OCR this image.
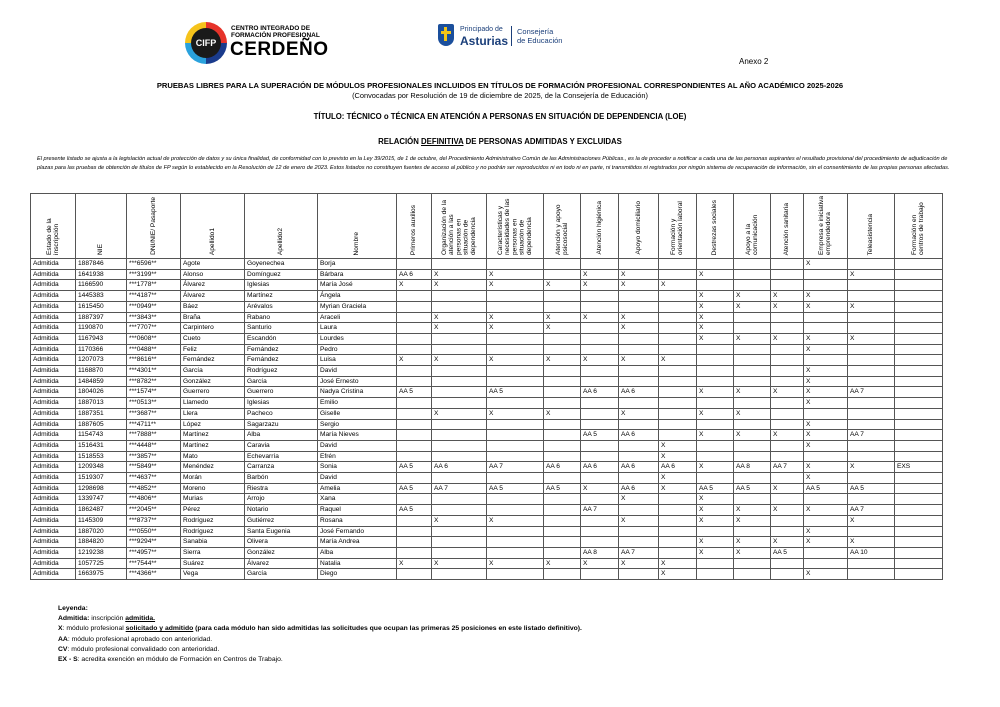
CIFP
CENTRO INTEGRADO DE
FORMACIÓN PROFESIONAL
CERDEÑO
Principado de
Asturias
Consejería
de Educación
Anexo 2
PRUEBAS LIBRES PARA LA SUPERACIÓN DE MÓDULOS PROFESIONALES INCLUIDOS EN TÍTULOS DE FORMACIÓN PROFESIONAL CORRESPONDIENTES AL AÑO ACADÉMICO 2025-2026
(Convocadas por Resolución de 19 de diciembre de 2025, de la Consejería de Educación)
TÍTULO: TÉCNICO o TÉCNICA EN ATENCIÓN A PERSONAS EN SITUACIÓN DE DEPENDENCIA (LOE)
RELACIÓN DEFINITIVA DE PERSONAS ADMITIDAS Y EXCLUIDAS
El presente listado se ajusta a la legislación actual de protección de datos y su única finalidad, de conformidad con lo previsto en la Ley 39/2015, de 1 de octubre, del Procedimiento Administrativo Común de las Administraciones Públicas., es la de proceder a notificar a cada una de las personas aspirantes el resultado provisional del procedimiento de adjudicación de plazas para las pruebas de obtención de títulos de FP según lo establecido en la Resolución de 12 de enero de 2023. Estos listados no constituyen fuentes de acceso al público y no podrán ser reproducidos ni en todo ni en parte, ni transmitidos ni registrados por ningún sistema de recuperación de información, sin el consentimiento de las propias personas afectadas.
Estado de la inscripción	NIE	DNI/NIE/ Pasaporte	Apellido1	Apellido2	Nombre	Primeros auxilios	Organización de la atención a las personas en situación de dependencia	Características y necesidades de las personas en situación de dependencia	Atención y apoyo psicosocial	Atención higiénica	Apoyo domiciliario	Formación y orientación laboral	Destrezas sociales	Apoyo a la comunicación	Atención sanitaria	Empresa e iniciativa emprendedora	Teleasistencia	Formación en centros de trabajo
Admitida	1887846	***6596**	Agote	Goyenechea	Borja											X		
Admitida	1641938	***3199**	Alonso	Domínguez	Bárbara	AA 6	X	X		X	X		X				X	
Admitida	1166590	***1778**	Álvarez	Iglesias	María José	X	X	X	X	X	X	X						
Admitida	1445383	***4187**	Álvarez	Martínez	Ángela								X	X	X	X		
Admitida	1615450	***0949**	Báez	Arévalos	Myrian Graciela								X	X	X	X	X	
Admitida	1887397	***3843**	Braña	Rabano	Araceli		X	X	X	X	X		X					
Admitida	1190870	***7707**	Carpintero	Santurio	Laura		X	X	X		X		X					
Admitida	1167943	***0608**	Cueto	Escandón	Lourdes								X	X	X	X	X	
Admitida	1170366	***0488**	Feliz	Fernández	Pedro											X		
Admitida	1207073	***8616**	Fernández	Fernández	Luisa	X	X	X	X	X	X	X						
Admitida	1168870	***4301**	García	Rodríguez	David											X		
Admitida	1484859	***8782**	González	García	José Ernesto											X		
Admitida	1804026	***1574**	Guerrero	Guerrero	Nadya Cristina	AA 5		AA 5		AA 6	AA 6		X	X	X	X	AA 7	
Admitida	1887013	***0513**	Llamedo	Iglesias	Emilio											X		
Admitida	1887351	***3687**	Llera	Pacheco	Giselle		X	X	X		X		X	X				
Admitida	1887605	***4711**	López	Sagarzazu	Sergio											X		
Admitida	1154743	***7888**	Martínez	Alba	María Nieves					AA 5	AA 6		X	X	X	X	AA 7	
Admitida	1516431	***4448**	Martínez	Caravia	David							X				X		
Admitida	1518553	***3857**	Mato	Echevarría	Efrén							X						
Admitida	1209348	***5849**	Menéndez	Carranza	Sonia	AA 5	AA 6	AA 7	AA 6	AA 6	AA 6	AA 6	X	AA 8	AA 7	X	X	EXS
Admitida	1519307	***4637**	Morán	Barbón	David							X				X		
Admitida	1298698	***4852**	Moreno	Riestra	Amelia	AA 5	AA 7	AA 5	AA 5	X	AA 6	X	AA 5	AA 5	X	AA 5	AA 5	
Admitida	1339747	***4806**	Murias	Arrojo	Xana						X		X					
Admitida	1862487	***2045**	Pérez	Notario	Raquel	AA 5				AA 7			X	X	X	X	AA 7	
Admitida	1145309	***8737**	Rodríguez	Gutiérrez	Rosana		X	X			X		X	X			X	
Admitida	1887020	***0550**	Rodríguez	Santa Eugenia	José Fernando											X		
Admitida	1884820	***9294**	Sanabia	Olivera	María Andrea								X	X	X	X	X	
Admitida	1219238	***4957**	Sierra	González	Alba					AA 8	AA 7		X	X	AA 5		AA 10	
Admitida	1057725	***7544**	Suárez	Álvarez	Natalia	X	X	X	X	X	X	X						
Admitida	1663975	***4366**	Vega	García	Diego							X				X		
Leyenda:
Admitida: inscripción admitida.
X: módulo profesional solicitado y admitido (para cada módulo han sido admitidas las solicitudes que ocupan las primeras 25 posiciones en este listado definitivo).
AA: módulo profesional aprobado con anterioridad.
CV: módulo profesional convalidado con anterioridad.
EX - S: acredita exención en módulo de Formación en Centros de Trabajo.
